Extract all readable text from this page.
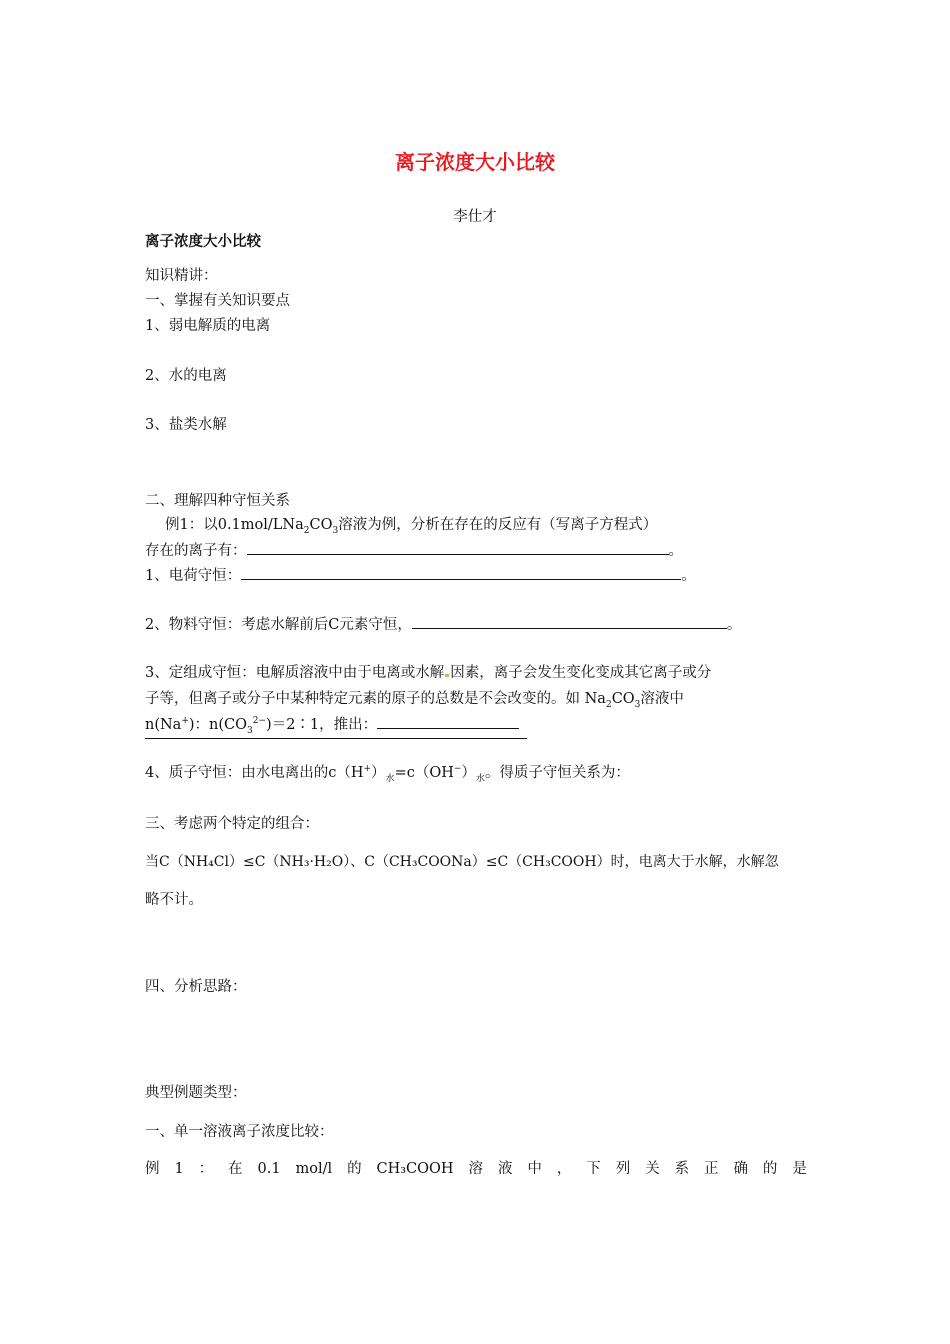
离子浓度大小比较
李仕才
离子浓度大小比较
知识精讲：
一、掌握有关知识要点
1、弱电解质的电离
2、水的电离
3、盐类水解
二、理解四种守恒关系
例1：以$0.1mol/LNa_2CO_3$溶液为例，分析在存在的反应有（写离子方程式）
存在的离子有：	。
1、电荷守恒：	。
2、物料守恒：考虑水解前后C元素守恒，	。
3、定组成守恒：电解质溶液中由于电离或水解 因素，离子会发生变化变成其它离子或分
子等，但离子或分子中某种特定元素的原子的总数是不会改变的。如 $Na_2CO_3$溶液中
n(Na+)：$n(CO_3^{2-})=2∶1$，推出：
4、质子守恒：由水电离出的$c(H^+)_水=c(OH^-)_水$。得质子守恒关系为：
三、考虑两个特定的组合：
当C（NH₄Cl）≤C（NH₃·H₂O）、C（CH₃COONa）≤C（CH₃COOH）时，电离大于水解，水解忽
略不计。
四、分析思路：
典型例题类型：
一、单一溶液离子浓度比较：
例 1 ： 在 0.1 mol/l 的 CH₃COOH 溶 液 中 ， 下 列 关 系 正 确 的 是
